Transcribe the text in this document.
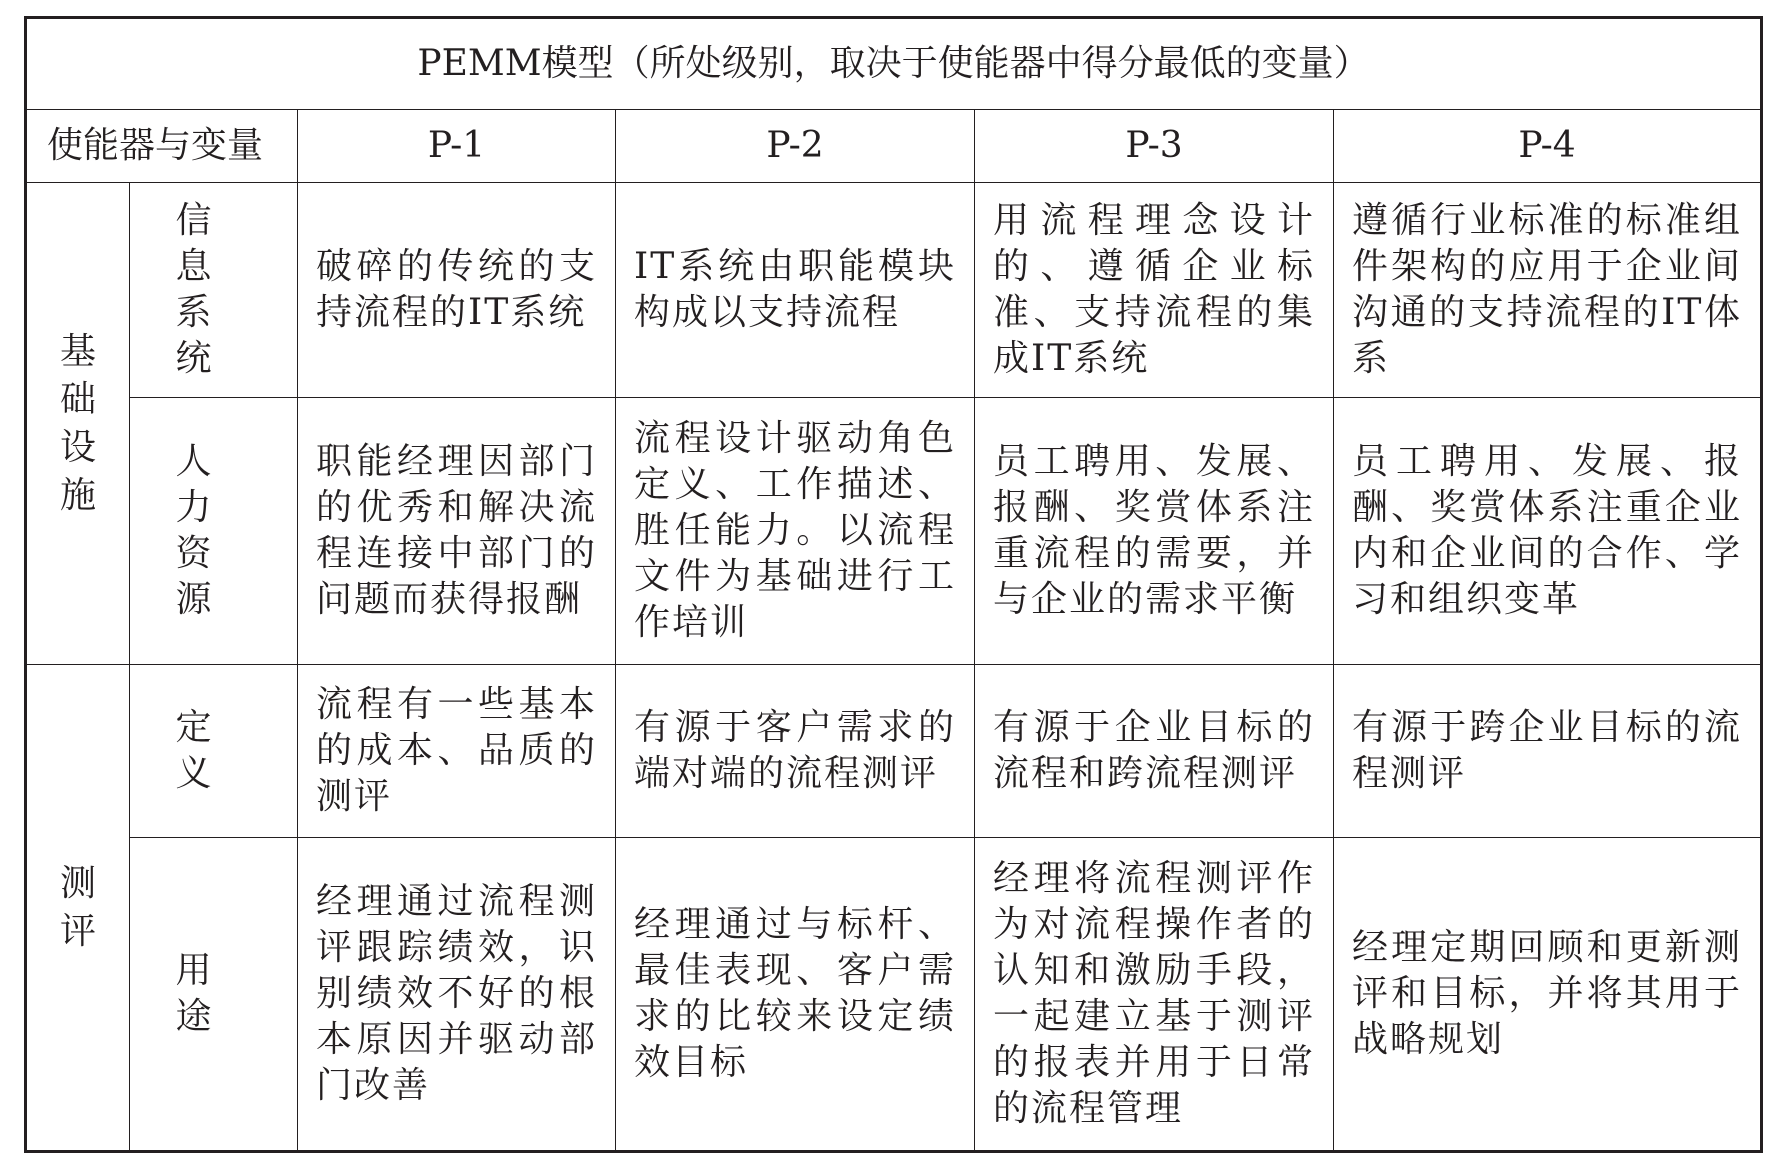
PEMM模型（所处级别，取决于使能器中得分最低的变量）					
使能器与变量		P-1	P-2	P-3	P-4
基础设施	信息系统	破碎的传统的支持流程的IT系统	IT系统由职能模块构成以支持流程	用流程理念设计的、遵循企业标准、支持流程的集成IT系统	遵循行业标准的标准组件架构的应用于企业间沟通的支持流程的IT体系
	人力资源	职能经理因部门的优秀和解决流程连接中部门的问题而获得报酬	流程设计驱动角色定义、工作描述、胜任能力。以流程文件为基础进行工作培训	员工聘用、发展、报酬、奖赏体系注重流程的需要，并与企业的需求平衡	员工聘用、发展、报酬、奖赏体系注重企业内和企业间的合作、学习和组织变革
测评	定义	流程有一些基本的成本、品质的测评	有源于客户需求的端对端的流程测评	有源于企业目标的流程和跨流程测评	有源于跨企业目标的流程测评
	用途	经理通过流程测评跟踪绩效，识别绩效不好的根本原因并驱动部门改善	经理通过与标杆、最佳表现、客户需求的比较来设定绩效目标	经理将流程测评作为对流程操作者的认知和激励手段，一起建立基于测评的报表并用于日常的流程管理	经理定期回顾和更新测评和目标，并将其用于战略规划
